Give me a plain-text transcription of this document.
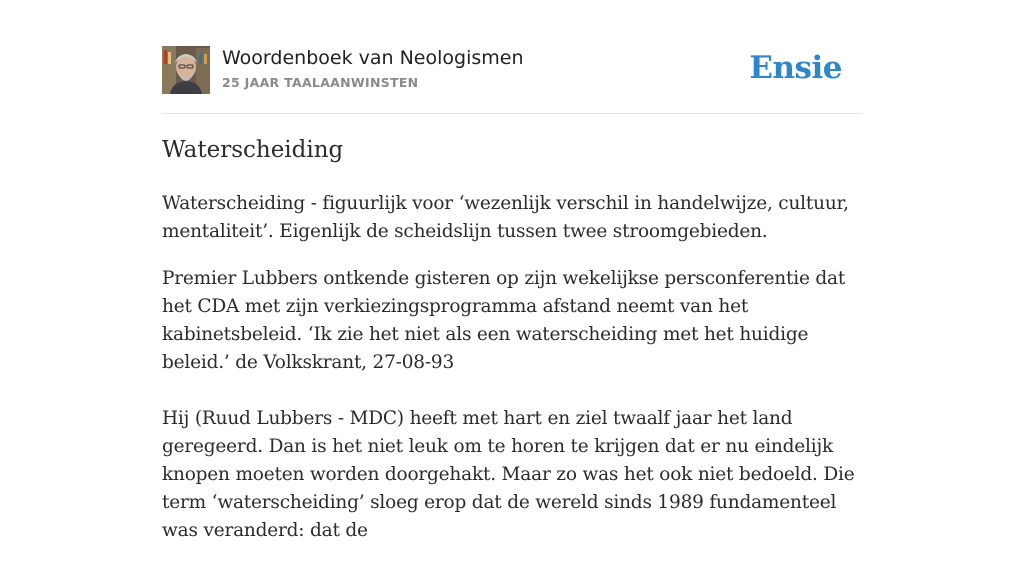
Woordenboek van Neologismen
25 JAAR TAALAANWINSTEN	Ensie
Waterscheiding

Waterscheiding - figuurlijk voor ‘wezenlijk verschil in handelwijze, cultuur, mentaliteit’. Eigenlijk de scheidslijn tussen twee stroomgebieden.

Premier Lubbers ontkende gisteren op zijn wekelijkse persconferentie dat het CDA met zijn verkiezingsprogramma afstand neemt van het kabinetsbeleid. ‘Ik zie het niet als een waterscheiding met het huidige beleid.’ de Volkskrant, 27-08-93

Hij (Ruud Lubbers - MDC) heeft met hart en ziel twaalf jaar het land geregeerd. Dan is het niet leuk om te horen te krijgen dat er nu eindelijk knopen moeten worden doorgehakt. Maar zo was het ook niet bedoeld. Die term ‘waterscheiding’ sloeg erop dat de wereld sinds 1989 fundamenteel was veranderd: dat de
